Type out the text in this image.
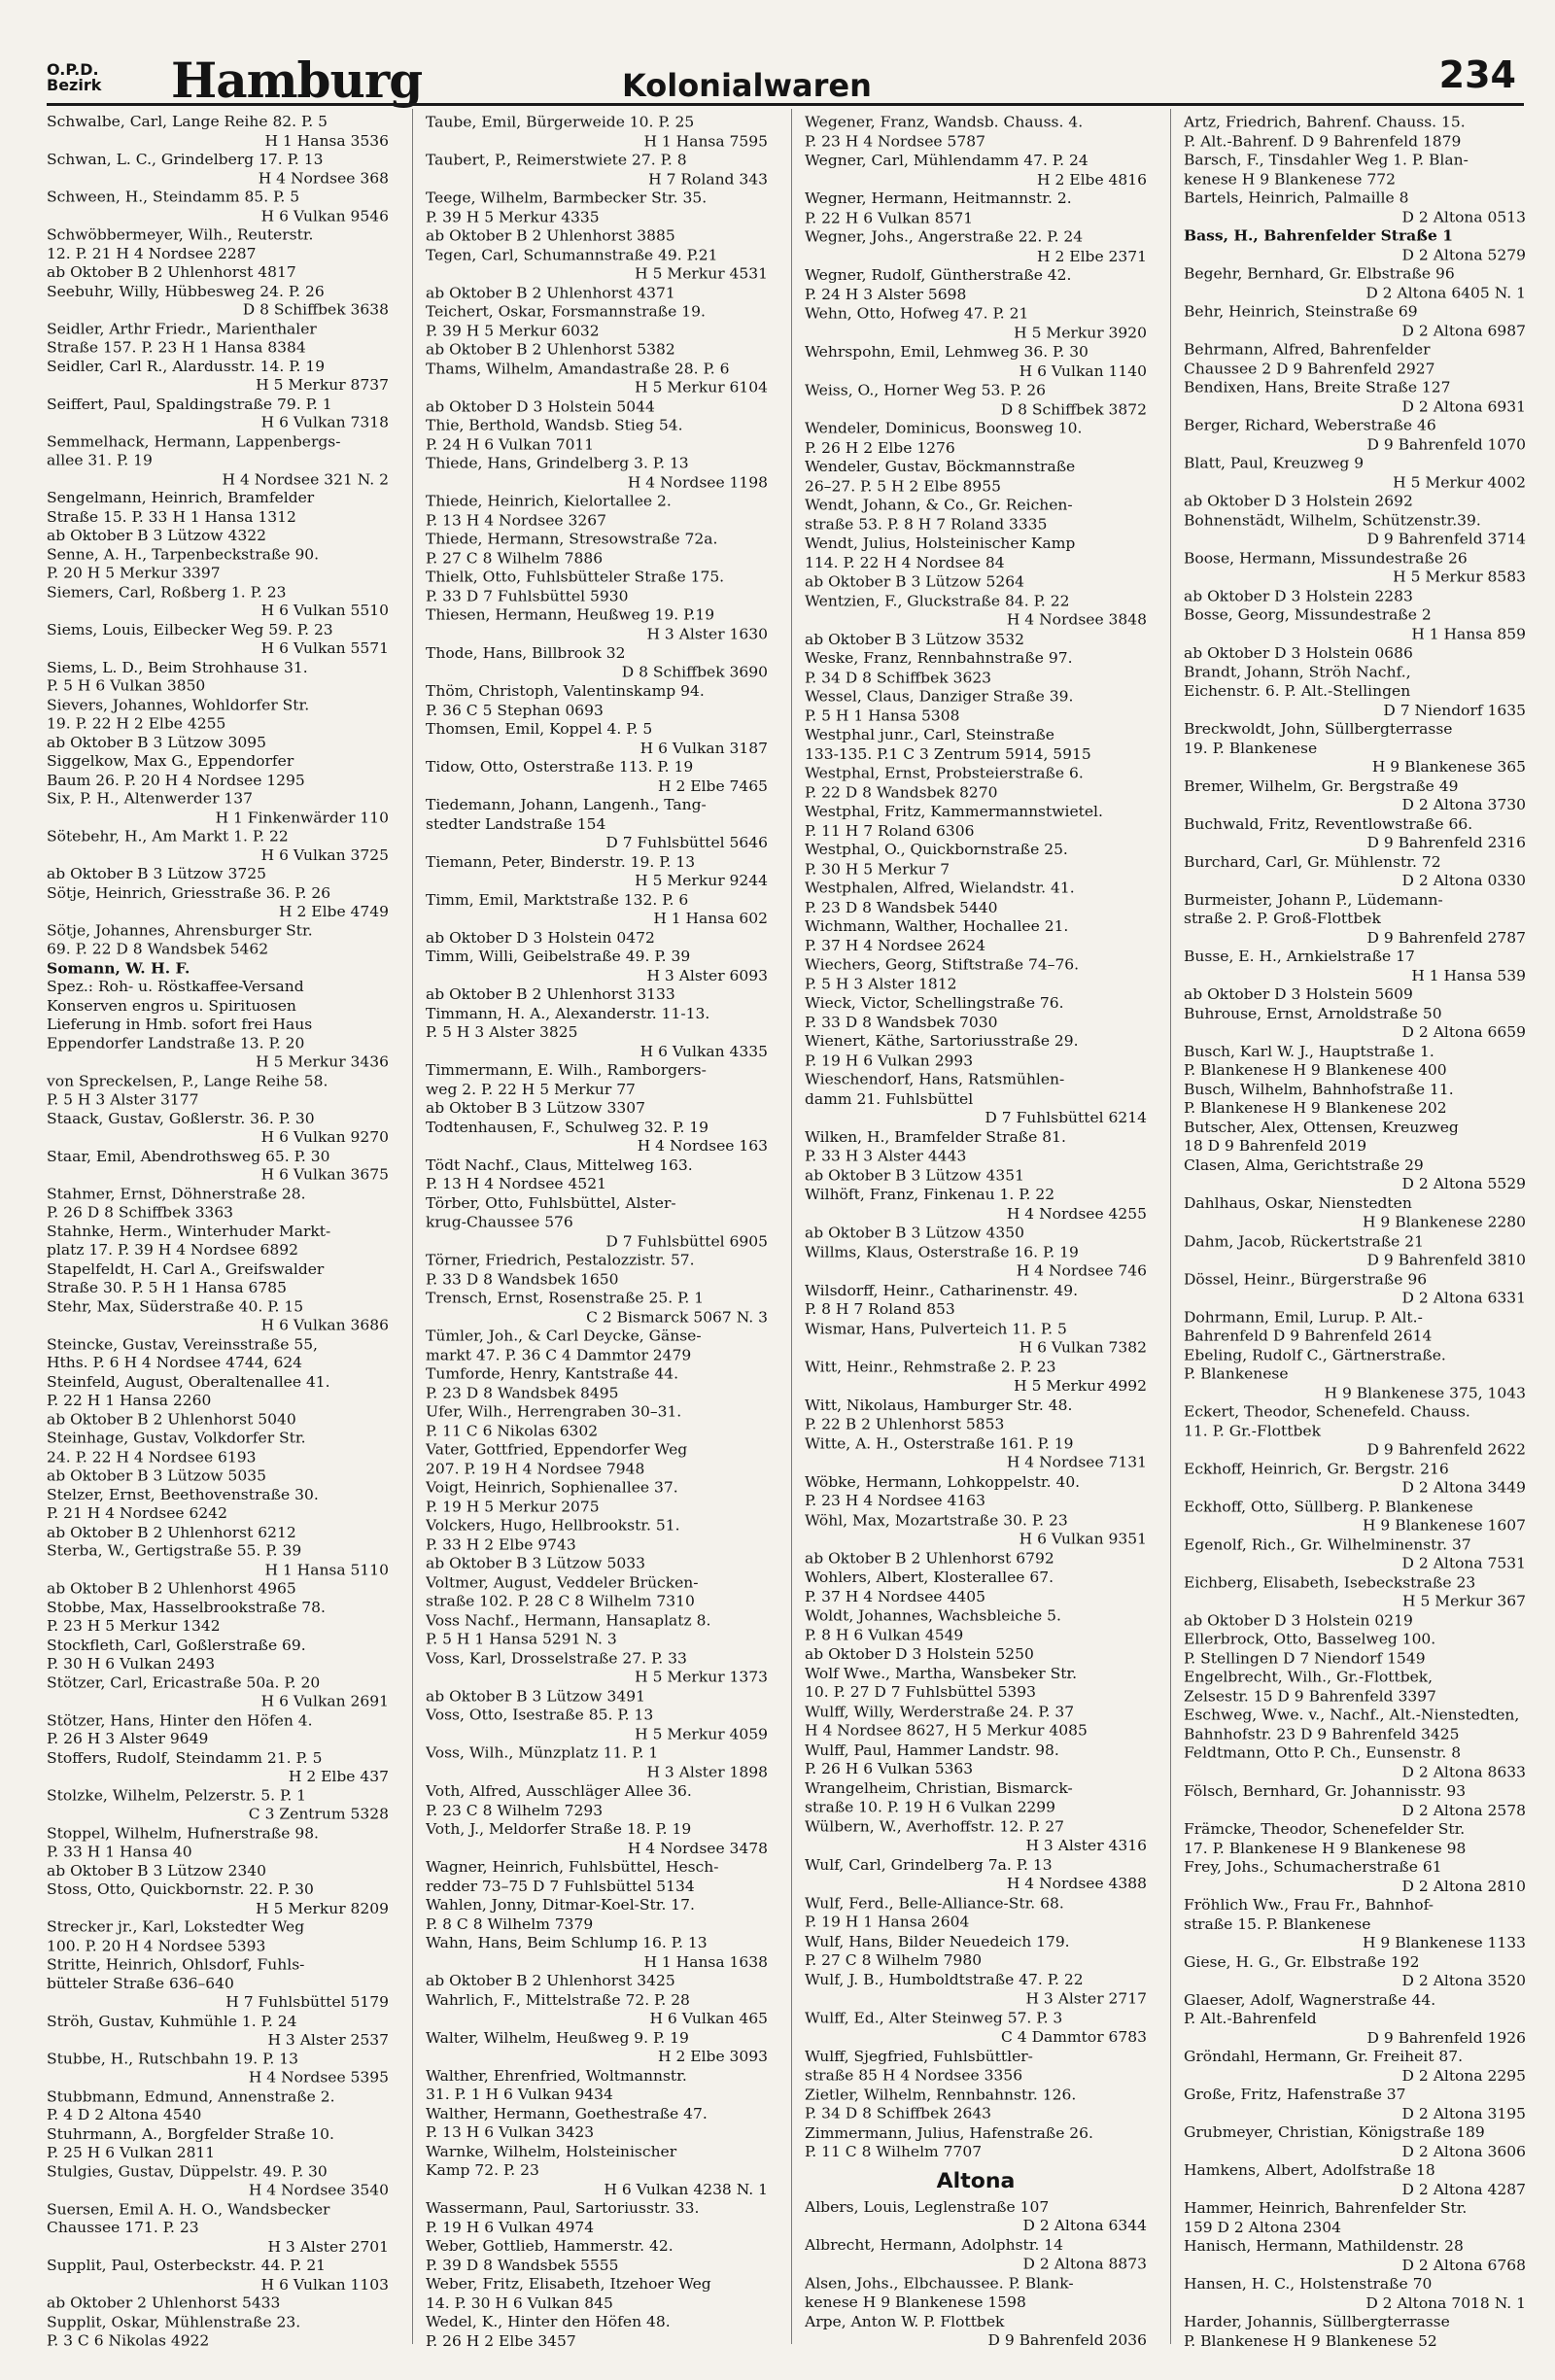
O.P.D.
Bezirk Hamburg	Kolonialwaren	234
Schwalbe, Carl, Lange Reihe 82. P. 5
H 1 Hansa 3536
Schwan, L. C., Grindelberg 17. P. 13
H 4 Nordsee 368
Schween, H., Steindamm 85. P. 5
H 6 Vulkan 9546
Schwöbbermeyer, Wilh., Reuterstr.
12. P. 21 H 4 Nordsee 2287
ab Oktober B 2 Uhlenhorst 4817
Seebuhr, Willy, Hübbesweg 24. P. 26
D 8 Schiffbek 3638
Seidler, Arthr Friedr., Marienthaler
Straße 157. P. 23 H 1 Hansa 8384
Seidler, Carl R., Alardusstr. 14. P. 19
H 5 Merkur 8737
Seiffert, Paul, Spaldingstraße 79. P. 1
H 6 Vulkan 7318
Semmelhack, Hermann, Lappenbergs-
allee 31. P. 19
H 4 Nordsee 321 N. 2
Sengelmann, Heinrich, Bramfelder
Straße 15. P. 33 H 1 Hansa 1312
ab Oktober B 3 Lützow 4322
Senne, A. H., Tarpenbeckstraße 90.
P. 20 H 5 Merkur 3397
Siemers, Carl, Roßberg 1. P. 23
H 6 Vulkan 5510
Siems, Louis, Eilbecker Weg 59. P. 23
H 6 Vulkan 5571
Siems, L. D., Beim Strohhause 31.
P. 5 H 6 Vulkan 3850
Sievers, Johannes, Wohldorfer Str.
19. P. 22 H 2 Elbe 4255
ab Oktober B 3 Lützow 3095
Siggelkow, Max G., Eppendorfer
Baum 26. P. 20 H 4 Nordsee 1295
Six, P. H., Altenwerder 137
H 1 Finkenwärder 110
Sötebehr, H., Am Markt 1. P. 22
H 6 Vulkan 3725
ab Oktober B 3 Lützow 3725
Sötje, Heinrich, Griesstraße 36. P. 26
H 2 Elbe 4749
Sötje, Johannes, Ahrensburger Str.
69. P. 22 D 8 Wandsbek 5462
Somann, W. H. F.
Spez.: Roh- u. Röstkaffee-Versand
Konserven engros u. Spirituosen
Lieferung in Hmb. sofort frei Haus
Eppendorfer Landstraße 13. P. 20
H 5 Merkur 3436
von Spreckelsen, P., Lange Reihe 58.
P. 5 H 3 Alster 3177
Staack, Gustav, Goßlerstr. 36. P. 30
H 6 Vulkan 9270
Staar, Emil, Abendrothsweg 65. P. 30
H 6 Vulkan 3675
Stahmer, Ernst, Döhnerstraße 28.
P. 26 D 8 Schiffbek 3363
Stahnke, Herm., Winterhuder Markt-
platz 17. P. 39 H 4 Nordsee 6892
Stapelfeldt, H. Carl A., Greifswalder
Straße 30. P. 5 H 1 Hansa 6785
Stehr, Max, Süderstraße 40. P. 15
H 6 Vulkan 3686
Steincke, Gustav, Vereinsstraße 55,
Hths. P. 6 H 4 Nordsee 4744, 624
Steinfeld, August, Oberaltenallee 41.
P. 22 H 1 Hansa 2260
ab Oktober B 2 Uhlenhorst 5040
Steinhage, Gustav, Volkdorfer Str.
24. P. 22 H 4 Nordsee 6193
ab Oktober B 3 Lützow 5035
Stelzer, Ernst, Beethovenstraße 30.
P. 21 H 4 Nordsee 6242
ab Oktober B 2 Uhlenhorst 6212
Sterba, W., Gertigstraße 55. P. 39
H 1 Hansa 5110
ab Oktober B 2 Uhlenhorst 4965
Stobbe, Max, Hasselbrookstraße 78.
P. 23 H 5 Merkur 1342
Stockfleth, Carl, Goßlerstraße 69.
P. 30 H 6 Vulkan 2493
Stötzer, Carl, Ericastraße 50a. P. 20
H 6 Vulkan 2691
Stötzer, Hans, Hinter den Höfen 4.
P. 26 H 3 Alster 9649
Stoffers, Rudolf, Steindamm 21. P. 5
H 2 Elbe 437
Stolzke, Wilhelm, Pelzerstr. 5. P. 1
C 3 Zentrum 5328
Stoppel, Wilhelm, Hufnerstraße 98.
P. 33 H 1 Hansa 40
ab Oktober B 3 Lützow 2340
Stoss, Otto, Quickbornstr. 22. P. 30
H 5 Merkur 8209
Strecker jr., Karl, Lokstedter Weg
100. P. 20 H 4 Nordsee 5393
Stritte, Heinrich, Ohlsdorf, Fuhls-
bütteler Straße 636–640
H 7 Fuhlsbüttel 5179
Ströh, Gustav, Kuhmühle 1. P. 24
H 3 Alster 2537
Stubbe, H., Rutschbahn 19. P. 13
H 4 Nordsee 5395
Stubbmann, Edmund, Annenstraße 2.
P. 4 D 2 Altona 4540
Stuhrmann, A., Borgfelder Straße 10.
P. 25 H 6 Vulkan 2811
Stulgies, Gustav, Düppelstr. 49. P. 30
H 4 Nordsee 3540
Suersen, Emil A. H. O., Wandsbecker
Chaussee 171. P. 23
H 3 Alster 2701
Supplit, Paul, Osterbeckstr. 44. P. 21
H 6 Vulkan 1103
ab Oktober 2 Uhlenhorst 5433
Supplit, Oskar, Mühlenstraße 23.
P. 3 C 6 Nikolas 4922
Taube, Emil, Bürgerweide 10. P. 25
H 1 Hansa 7595
Taubert, P., Reimerstwiete 27. P. 8
H 7 Roland 343
Teege, Wilhelm, Barmbecker Str. 35.
P. 39 H 5 Merkur 4335
ab Oktober B 2 Uhlenhorst 3885
Tegen, Carl, Schumannstraße 49. P.21
H 5 Merkur 4531
ab Oktober B 2 Uhlenhorst 4371
Teichert, Oskar, Forsmannstraße 19.
P. 39 H 5 Merkur 6032
ab Oktober B 2 Uhlenhorst 5382
Thams, Wilhelm, Amandastraße 28. P. 6
H 5 Merkur 6104
ab Oktober D 3 Holstein 5044
Thie, Berthold, Wandsb. Stieg 54.
P. 24 H 6 Vulkan 7011
Thiede, Hans, Grindelberg 3. P. 13
H 4 Nordsee 1198
Thiede, Heinrich, Kielortallee 2.
P. 13 H 4 Nordsee 3267
Thiede, Hermann, Stresowstraße 72a.
P. 27 C 8 Wilhelm 7886
Thielk, Otto, Fuhlsbütteler Straße 175.
P. 33 D 7 Fuhlsbüttel 5930
Thiesen, Hermann, Heußweg 19. P.19
H 3 Alster 1630
Thode, Hans, Billbrook 32
D 8 Schiffbek 3690
Thöm, Christoph, Valentinskamp 94.
P. 36 C 5 Stephan 0693
Thomsen, Emil, Koppel 4. P. 5
H 6 Vulkan 3187
Tidow, Otto, Osterstraße 113. P. 19
H 2 Elbe 7465
Tiedemann, Johann, Langenh., Tang-
stedter Landstraße 154
D 7 Fuhlsbüttel 5646
Tiemann, Peter, Binderstr. 19. P. 13
H 5 Merkur 9244
Timm, Emil, Marktstraße 132. P. 6
H 1 Hansa 602
ab Oktober D 3 Holstein 0472
Timm, Willi, Geibelstraße 49. P. 39
H 3 Alster 6093
ab Oktober B 2 Uhlenhorst 3133
Timmann, H. A., Alexanderstr. 11-13.
P. 5 H 3 Alster 3825
H 6 Vulkan 4335
Timmermann, E. Wilh., Ramborgers-
weg 2. P. 22 H 5 Merkur 77
ab Oktober B 3 Lützow 3307
Todtenhausen, F., Schulweg 32. P. 19
H 4 Nordsee 163
Tödt Nachf., Claus, Mittelweg 163.
P. 13 H 4 Nordsee 4521
Törber, Otto, Fuhlsbüttel, Alster-
krug-Chaussee 576
D 7 Fuhlsbüttel 6905
Törner, Friedrich, Pestalozzistr. 57.
P. 33 D 8 Wandsbek 1650
Trensch, Ernst, Rosenstraße 25. P. 1
C 2 Bismarck 5067 N. 3
Tümler, Joh., & Carl Deycke, Gänse-
markt 47. P. 36 C 4 Dammtor 2479
Tumforde, Henry, Kantstraße 44.
P. 23 D 8 Wandsbek 8495
Ufer, Wilh., Herrengraben 30–31.
P. 11 C 6 Nikolas 6302
Vater, Gottfried, Eppendorfer Weg
207. P. 19 H 4 Nordsee 7948
Voigt, Heinrich, Sophienallee 37.
P. 19 H 5 Merkur 2075
Volckers, Hugo, Hellbrookstr. 51.
P. 33 H 2 Elbe 9743
ab Oktober B 3 Lützow 5033
Voltmer, August, Veddeler Brücken-
straße 102. P. 28 C 8 Wilhelm 7310
Voss Nachf., Hermann, Hansaplatz 8.
P. 5 H 1 Hansa 5291 N. 3
Voss, Karl, Drosselstraße 27. P. 33
H 5 Merkur 1373
ab Oktober B 3 Lützow 3491
Voss, Otto, Isestraße 85. P. 13
H 5 Merkur 4059
Voss, Wilh., Münzplatz 11. P. 1
H 3 Alster 1898
Voth, Alfred, Ausschläger Allee 36.
P. 23 C 8 Wilhelm 7293
Voth, J., Meldorfer Straße 18. P. 19
H 4 Nordsee 3478
Wagner, Heinrich, Fuhlsbüttel, Hesch-
redder 73–75 D 7 Fuhlsbüttel 5134
Wahlen, Jonny, Ditmar-Koel-Str. 17.
P. 8 C 8 Wilhelm 7379
Wahn, Hans, Beim Schlump 16. P. 13
H 1 Hansa 1638
ab Oktober B 2 Uhlenhorst 3425
Wahrlich, F., Mittelstraße 72. P. 28
H 6 Vulkan 465
Walter, Wilhelm, Heußweg 9. P. 19
H 2 Elbe 3093
Walther, Ehrenfried, Woltmannstr.
31. P. 1 H 6 Vulkan 9434
Walther, Hermann, Goethestraße 47.
P. 13 H 6 Vulkan 3423
Warnke, Wilhelm, Holsteinischer
Kamp 72. P. 23
H 6 Vulkan 4238 N. 1
Wassermann, Paul, Sartoriusstr. 33.
P. 19 H 6 Vulkan 4974
Weber, Gottlieb, Hammerstr. 42.
P. 39 D 8 Wandsbek 5555
Weber, Fritz, Elisabeth, Itzehoer Weg
14. P. 30 H 6 Vulkan 845
Wedel, K., Hinter den Höfen 48.
P. 26 H 2 Elbe 3457
Wegener, Franz, Wandsb. Chauss. 4.
P. 23 H 4 Nordsee 5787
Wegner, Carl, Mühlendamm 47. P. 24
H 2 Elbe 4816
Wegner, Hermann, Heitmannstr. 2.
P. 22 H 6 Vulkan 8571
Wegner, Johs., Angerstraße 22. P. 24
H 2 Elbe 2371
Wegner, Rudolf, Güntherstraße 42.
P. 24 H 3 Alster 5698
Wehn, Otto, Hofweg 47. P. 21
H 5 Merkur 3920
Wehrspohn, Emil, Lehmweg 36. P. 30
H 6 Vulkan 1140
Weiss, O., Horner Weg 53. P. 26
D 8 Schiffbek 3872
Wendeler, Dominicus, Boonsweg 10.
P. 26 H 2 Elbe 1276
Wendeler, Gustav, Böckmannstraße
26–27. P. 5 H 2 Elbe 8955
Wendt, Johann, & Co., Gr. Reichen-
straße 53. P. 8 H 7 Roland 3335
Wendt, Julius, Holsteinischer Kamp
114. P. 22 H 4 Nordsee 84
ab Oktober B 3 Lützow 5264
Wentzien, F., Gluckstraße 84. P. 22
H 4 Nordsee 3848
ab Oktober B 3 Lützow 3532
Weske, Franz, Rennbahnstraße 97.
P. 34 D 8 Schiffbek 3623
Wessel, Claus, Danziger Straße 39.
P. 5 H 1 Hansa 5308
Westphal junr., Carl, Steinstraße
133-135. P.1 C 3 Zentrum 5914, 5915
Westphal, Ernst, Probsteierstraße 6.
P. 22 D 8 Wandsbek 8270
Westphal, Fritz, Kammermannstwietel.
P. 11 H 7 Roland 6306
Westphal, O., Quickbornstraße 25.
P. 30 H 5 Merkur 7
Westphalen, Alfred, Wielandstr. 41.
P. 23 D 8 Wandsbek 5440
Wichmann, Walther, Hochallee 21.
P. 37 H 4 Nordsee 2624
Wiechers, Georg, Stiftstraße 74–76.
P. 5 H 3 Alster 1812
Wieck, Victor, Schellingstraße 76.
P. 33 D 8 Wandsbek 7030
Wienert, Käthe, Sartoriusstraße 29.
P. 19 H 6 Vulkan 2993
Wieschendorf, Hans, Ratsmühlen-
damm 21. Fuhlsbüttel
D 7 Fuhlsbüttel 6214
Wilken, H., Bramfelder Straße 81.
P. 33 H 3 Alster 4443
ab Oktober B 3 Lützow 4351
Wilhöft, Franz, Finkenau 1. P. 22
H 4 Nordsee 4255
ab Oktober B 3 Lützow 4350
Willms, Klaus, Osterstraße 16. P. 19
H 4 Nordsee 746
Wilsdorff, Heinr., Catharinenstr. 49.
P. 8 H 7 Roland 853
Wismar, Hans, Pulverteich 11. P. 5
H 6 Vulkan 7382
Witt, Heinr., Rehmstraße 2. P. 23
H 5 Merkur 4992
Witt, Nikolaus, Hamburger Str. 48.
P. 22 B 2 Uhlenhorst 5853
Witte, A. H., Osterstraße 161. P. 19
H 4 Nordsee 7131
Wöbke, Hermann, Lohkoppelstr. 40.
P. 23 H 4 Nordsee 4163
Wöhl, Max, Mozartstraße 30. P. 23
H 6 Vulkan 9351
ab Oktober B 2 Uhlenhorst 6792
Wohlers, Albert, Klosterallee 67.
P. 37 H 4 Nordsee 4405
Woldt, Johannes, Wachsbleiche 5.
P. 8 H 6 Vulkan 4549
ab Oktober D 3 Holstein 5250
Wolf Wwe., Martha, Wansbeker Str.
10. P. 27 D 7 Fuhlsbüttel 5393
Wulff, Willy, Werderstraße 24. P. 37
H 4 Nordsee 8627, H 5 Merkur 4085
Wulff, Paul, Hammer Landstr. 98.
P. 26 H 6 Vulkan 5363
Wrangelheim, Christian, Bismarck-
straße 10. P. 19 H 6 Vulkan 2299
Wülbern, W., Averhoffstr. 12. P. 27
H 3 Alster 4316
Wulf, Carl, Grindelberg 7a. P. 13
H 4 Nordsee 4388
Wulf, Ferd., Belle-Alliance-Str. 68.
P. 19 H 1 Hansa 2604
Wulf, Hans, Bilder Neuedeich 179.
P. 27 C 8 Wilhelm 7980
Wulf, J. B., Humboldtstraße 47. P. 22
H 3 Alster 2717
Wulff, Ed., Alter Steinweg 57. P. 3
C 4 Dammtor 6783
Wulff, Sjegfried, Fuhlsbüttler-
straße 85 H 4 Nordsee 3356
Zietler, Wilhelm, Rennbahnstr. 126.
P. 34 D 8 Schiffbek 2643
Zimmermann, Julius, Hafenstraße 26.
P. 11 C 8 Wilhelm 7707
Altona
Albers, Louis, Leglenstraße 107
D 2 Altona 6344
Albrecht, Hermann, Adolphstr. 14
D 2 Altona 8873
Alsen, Johs., Elbchaussee. P. Blank-
kenese H 9 Blankenese 1598
Arpe, Anton W. P. Flottbek
D 9 Bahrenfeld 2036
Artz, Friedrich, Bahrenf. Chauss. 15.
P. Alt.-Bahrenf. D 9 Bahrenfeld 1879
Barsch, F., Tinsdahler Weg 1. P. Blan-
kenese H 9 Blankenese 772
Bartels, Heinrich, Palmaille 8
D 2 Altona 0513
Bass, H., Bahrenfelder Straße 1
D 2 Altona 5279
Begehr, Bernhard, Gr. Elbstraße 96
D 2 Altona 6405 N. 1
Behr, Heinrich, Steinstraße 69
D 2 Altona 6987
Behrmann, Alfred, Bahrenfelder
Chaussee 2 D 9 Bahrenfeld 2927
Bendixen, Hans, Breite Straße 127
D 2 Altona 6931
Berger, Richard, Weberstraße 46
D 9 Bahrenfeld 1070
Blatt, Paul, Kreuzweg 9
H 5 Merkur 4002
ab Oktober D 3 Holstein 2692
Bohnenstädt, Wilhelm, Schützenstr.39.
D 9 Bahrenfeld 3714
Boose, Hermann, Missundestraße 26
H 5 Merkur 8583
ab Oktober D 3 Holstein 2283
Bosse, Georg, Missundestraße 2
H 1 Hansa 859
ab Oktober D 3 Holstein 0686
Brandt, Johann, Ströh Nachf.,
Eichenstr. 6. P. Alt.-Stellingen
D 7 Niendorf 1635
Breckwoldt, John, Süllbergterrasse
19. P. Blankenese
H 9 Blankenese 365
Bremer, Wilhelm, Gr. Bergstraße 49
D 2 Altona 3730
Buchwald, Fritz, Reventlowstraße 66.
D 9 Bahrenfeld 2316
Burchard, Carl, Gr. Mühlenstr. 72
D 2 Altona 0330
Burmeister, Johann P., Lüdemann-
straße 2. P. Groß-Flottbek
D 9 Bahrenfeld 2787
Busse, E. H., Arnkielstraße 17
H 1 Hansa 539
ab Oktober D 3 Holstein 5609
Buhrouse, Ernst, Arnoldstraße 50
D 2 Altona 6659
Busch, Karl W. J., Hauptstraße 1.
P. Blankenese H 9 Blankenese 400
Busch, Wilhelm, Bahnhofstraße 11.
P. Blankenese H 9 Blankenese 202
Butscher, Alex, Ottensen, Kreuzweg
18 D 9 Bahrenfeld 2019
Clasen, Alma, Gerichtstraße 29
D 2 Altona 5529
Dahlhaus, Oskar, Nienstedten
H 9 Blankenese 2280
Dahm, Jacob, Rückertstraße 21
D 9 Bahrenfeld 3810
Dössel, Heinr., Bürgerstraße 96
D 2 Altona 6331
Dohrmann, Emil, Lurup. P. Alt.-
Bahrenfeld D 9 Bahrenfeld 2614
Ebeling, Rudolf C., Gärtnerstraße.
P. Blankenese
H 9 Blankenese 375, 1043
Eckert, Theodor, Schenefeld. Chauss.
11. P. Gr.-Flottbek
D 9 Bahrenfeld 2622
Eckhoff, Heinrich, Gr. Bergstr. 216
D 2 Altona 3449
Eckhoff, Otto, Süllberg. P. Blankenese
H 9 Blankenese 1607
Egenolf, Rich., Gr. Wilhelminenstr. 37
D 2 Altona 7531
Eichberg, Elisabeth, Isebeckstraße 23
H 5 Merkur 367
ab Oktober D 3 Holstein 0219
Ellerbrock, Otto, Basselweg 100.
P. Stellingen D 7 Niendorf 1549
Engelbrecht, Wilh., Gr.-Flottbek,
Zelsestr. 15 D 9 Bahrenfeld 3397
Eschweg, Wwe. v., Nachf., Alt.-Nienstedten,
Bahnhofstr. 23 D 9 Bahrenfeld 3425
Feldtmann, Otto P. Ch., Eunsenstr. 8
D 2 Altona 8633
Fölsch, Bernhard, Gr. Johannisstr. 93
D 2 Altona 2578
Främcke, Theodor, Schenefelder Str.
17. P. Blankenese H 9 Blankenese 98
Frey, Johs., Schumacherstraße 61
D 2 Altona 2810
Fröhlich Ww., Frau Fr., Bahnhof-
straße 15. P. Blankenese
H 9 Blankenese 1133
Giese, H. G., Gr. Elbstraße 192
D 2 Altona 3520
Glaeser, Adolf, Wagnerstraße 44.
P. Alt.-Bahrenfeld
D 9 Bahrenfeld 1926
Gröndahl, Hermann, Gr. Freiheit 87.
D 2 Altona 2295
Große, Fritz, Hafenstraße 37
D 2 Altona 3195
Grubmeyer, Christian, Königstraße 189
D 2 Altona 3606
Hamkens, Albert, Adolfstraße 18
D 2 Altona 4287
Hammer, Heinrich, Bahrenfelder Str.
159 D 2 Altona 2304
Hanisch, Hermann, Mathildenstr. 28
D 2 Altona 6768
Hansen, H. C., Holstenstraße 70
D 2 Altona 7018 N. 1
Harder, Johannis, Süllbergterrasse
P. Blankenese H 9 Blankenese 52
